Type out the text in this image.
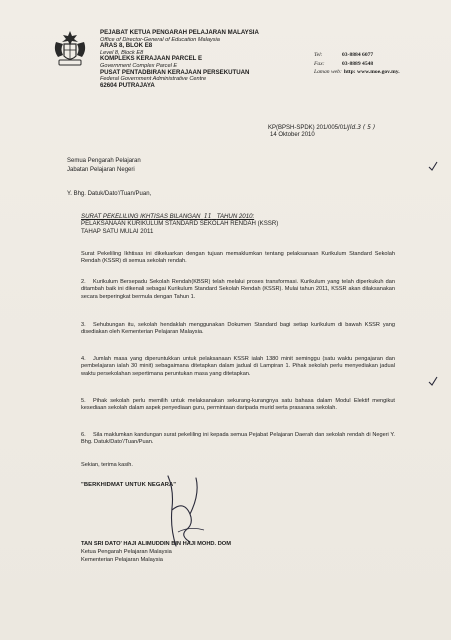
PEJABAT KETUA PENGARAH PELAJARAN MALAYSIA
Office of Director-General of Education Malaysia
ARAS 8, BLOK E8
Level 8, Block E8
KOMPLEKS KERAJAAN PARCEL E
Government Complex Parcel E
PUSAT PENTADBIRAN KERAJAAN PERSEKUTUAN
Federal Government Administrative Centre
62604 PUTRAJAYA
Tel:	03-8884 6077
Fax:	03-8889 4548
Laman web: http: www.moe.gov.my.
KP(BPSH-SPDK) 201/005/01/Jld.3 ( 5 )
14 Oktober 2010
Semua Pengarah Pelajaran
Jabatan Pelajaran Negeri
Y. Bhg. Datuk/Dato'/Tuan/Puan,
SURAT PEKELILING IKHTISAS BILANGAN 11 TAHUN 2010:
PELAKSANAAN KURIKULUM STANDARD SEKOLAH RENDAH (KSSR)
TAHAP SATU MULAI 2011
Surat Pekeliling Ikhtisas ini dikeluarkan dengan tujuan memaklumkan tentang pelaksanaan Kurikulum Standard Sekolah Rendah (KSSR) di semua sekolah rendah.
2. Kurikulum Bersepadu Sekolah Rendah(KBSR) telah melalui proses transformasi. Kurikulum yang telah diperkukuh dan ditambah baik ini dikenali sebagai Kurikulum Standard Sekolah Rendah (KSSR). Mulai tahun 2011, KSSR akan dilaksanakan secara berperingkat bermula dengan Tahun 1.
3. Sehubungan itu, sekolah hendaklah menggunakan Dokumen Standard bagi setiap kurikulum di bawah KSSR yang disediakan oleh Kementerian Pelajaran Malaysia.
4. Jumlah masa yang diperuntukkan untuk pelaksanaan KSSR ialah 1380 minit seminggu (satu waktu pengajaran dan pembelajaran ialah 30 minit) sebagaimana ditetapkan dalam jadual di Lampiran 1. Pihak sekolah perlu menyediakan jadual waktu persekolahan sepertimana peruntukan masa yang ditetapkan.
5. Pihak sekolah perlu memilih untuk melaksanakan sekurang-kurangnya satu bahasa dalam Modul Elektif mengikut kesediaan sekolah dalam aspek penyediaan guru, permintaan daripada murid serta prasarana sekolah.
6. Sila maklumkan kandungan surat pekeliling ini kepada semua Pejabat Pelajaran Daerah dan sekolah rendah di Negeri Y. Bhg. Datuk/Dato'/Tuan/Puan.
Sekian, terima kasih.
"BERKHIDMAT UNTUK NEGARA"
TAN SRI DATO' HAJI ALIMUDDIN BIN HAJI MOHD. DOM
Ketua Pengarah Pelajaran Malaysia
Kementerian Pelajaran Malaysia
